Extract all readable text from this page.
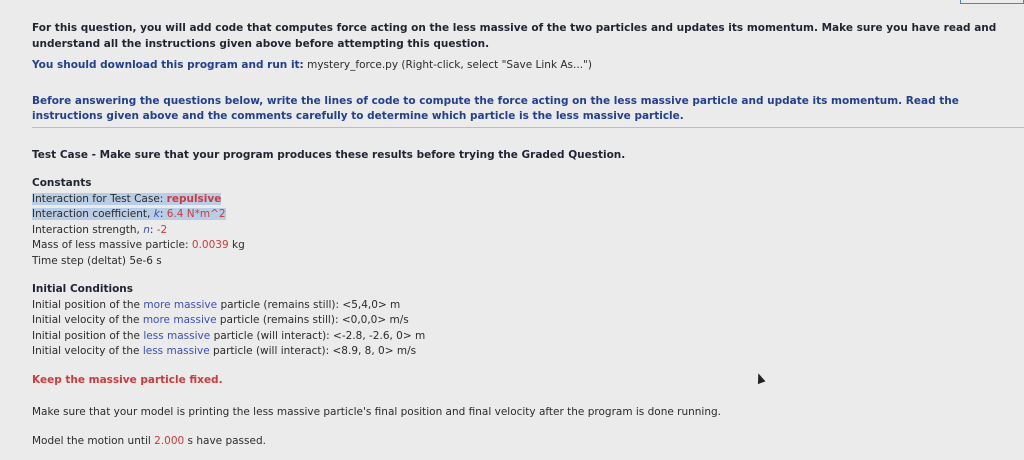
For this question, you will add code that computes force acting on the less massive of the two particles and updates its momentum. Make sure you have read and understand all the instructions given above before attempting this question.

You should download this program and run it: mystery_force.py (Right-click, select "Save Link As...")

Before answering the questions below, write the lines of code to compute the force acting on the less massive particle and update its momentum. Read the instructions given above and the comments carefully to determine which particle is the less massive particle.

Test Case - Make sure that your program produces these results before trying the Graded Question.

Constants
Interaction for Test Case: repulsive
Interaction coefficient, k: 6.4 N*m^2
Interaction strength, n: -2
Mass of less massive particle: 0.0039 kg
Time step (deltat) 5e-6 s
Initial Conditions
Initial position of the more massive particle (remains still): <5,4,0> m
Initial velocity of the more massive particle (remains still): <0,0,0> m/s
Initial position of the less massive particle (will interact): <-2.8, -2.6, 0> m
Initial velocity of the less massive particle (will interact): <8.9, 8, 0> m/s

Keep the massive particle fixed.

Make sure that your model is printing the less massive particle's final position and final velocity after the program is done running.

Model the motion until 2.000 s have passed.
